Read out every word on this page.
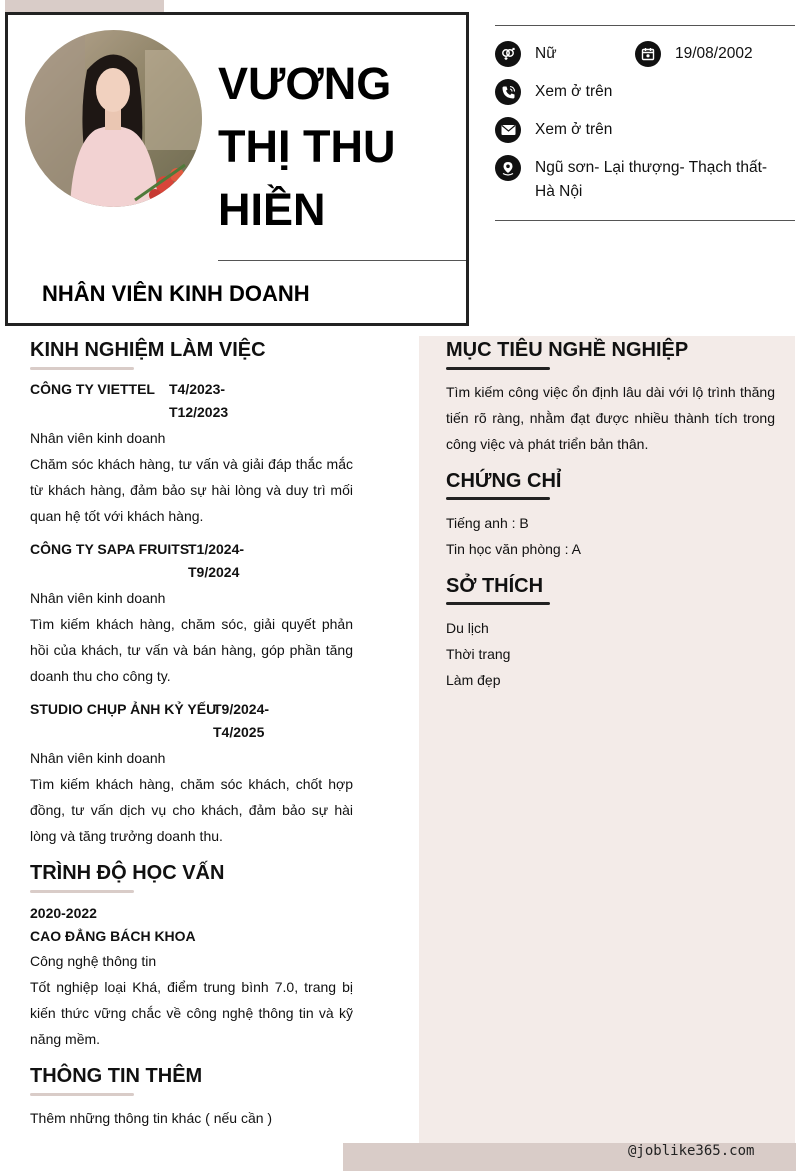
@joblike365.com
VƯƠNG
THỊ THU
HIỀN
NHÂN VIÊN KINH DOANH
Nữ	19/08/2002
Xem ở trên
Xem ở trên
Ngũ sơn- Lại thượng- Thạch thất- Hà Nội
KINH NGHIỆM LÀM VIỆC
CÔNG TY VIETTEL T4/2023-
T12/2023
Nhân viên kinh doanh
Chăm sóc khách hàng, tư vấn và giải đáp thắc mắc từ khách hàng, đảm bảo sự hài lòng và duy trì mối quan hệ tốt với khách hàng.
CÔNG TY SAPA FRUITS
T1/2024-
T9/2024
Nhân viên kinh doanh
Tìm kiếm khách hàng, chăm sóc, giải quyết phản hồi của khách, tư vấn và bán hàng, góp phần tăng doanh thu cho công ty.
STUDIO CHỤP ẢNH KỶ YẾU
T9/2024-
T4/2025
Nhân viên kinh doanh
Tìm kiếm khách hàng, chăm sóc khách, chốt hợp đồng, tư vấn dịch vụ cho khách, đảm bảo sự hài lòng và tăng trưởng doanh thu.
TRÌNH ĐỘ HỌC VẤN
2020-2022
CAO ĐẲNG BÁCH KHOA
Công nghệ thông tin
Tốt nghiệp loại Khá, điểm trung bình 7.0, trang bị kiến thức vững chắc về công nghệ thông tin và kỹ năng mềm.
THÔNG TIN THÊM
Thêm những thông tin khác ( nếu cần )
MỤC TIÊU NGHỀ NGHIỆP
Tìm kiếm công việc ổn định lâu dài với lộ trình thăng tiến rõ ràng, nhằm đạt được nhiều thành tích trong công việc và phát triển bản thân.
CHỨNG CHỈ
Tiếng anh : B
Tin học văn phòng : A
SỞ THÍCH
Du lịch
Thời trang
Làm đẹp
